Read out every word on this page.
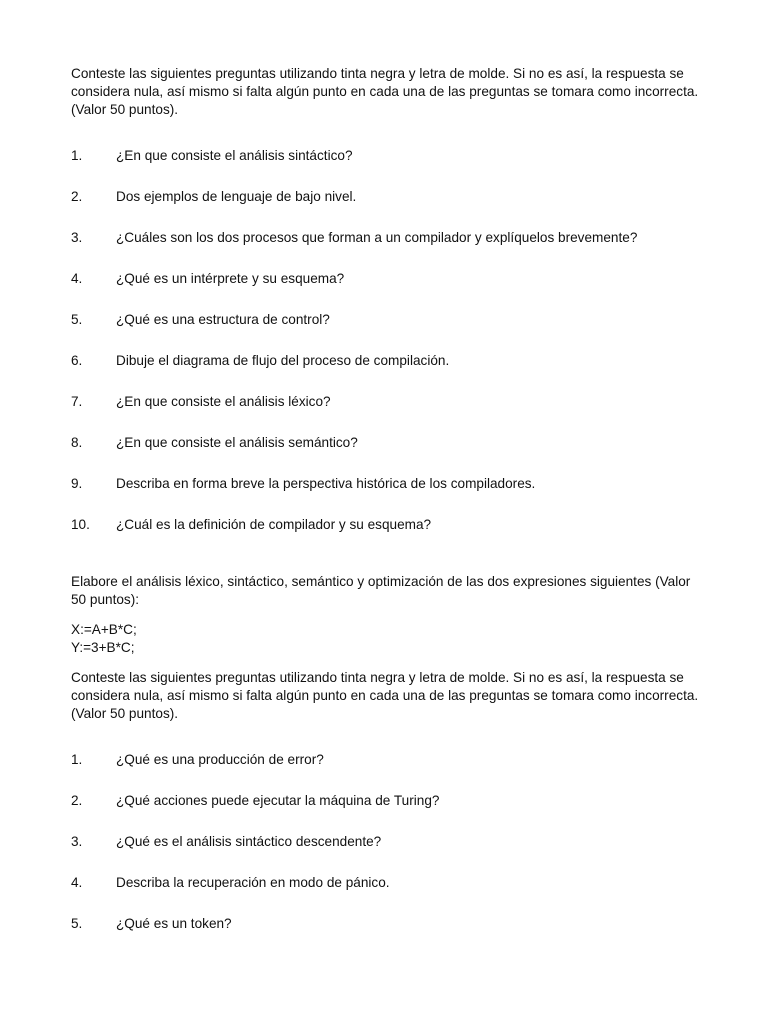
Conteste las siguientes preguntas utilizando tinta negra y letra de molde. Si no es así, la respuesta se
considera nula, así mismo si falta algún punto en cada una de las preguntas se tomara como incorrecta.
(Valor 50 puntos).

1. ¿En que consiste el análisis sintáctico?
2. Dos ejemplos de lenguaje de bajo nivel.
3. ¿Cuáles son los dos procesos que forman a un compilador y explíquelos brevemente?
4. ¿Qué es un intérprete y su esquema?
5. ¿Qué es una estructura de control?
6. Dibuje el diagrama de flujo del proceso de compilación.
7. ¿En que consiste el análisis léxico?
8. ¿En que consiste el análisis semántico?
9. Describa en forma breve la perspectiva histórica de los compiladores.
10. ¿Cuál es la definición de compilador y su esquema?

Elabore el análisis léxico, sintáctico, semántico y optimización de las dos expresiones siguientes (Valor
50 puntos):

X:=A+B*C;
Y:=3+B*C;

Conteste las siguientes preguntas utilizando tinta negra y letra de molde. Si no es así, la respuesta se
considera nula, así mismo si falta algún punto en cada una de las preguntas se tomara como incorrecta.
(Valor 50 puntos).

1. ¿Qué es una producción de error?
2. ¿Qué acciones puede ejecutar la máquina de Turing?
3. ¿Qué es el análisis sintáctico descendente?
4. Describa la recuperación en modo de pánico.
5. ¿Qué es un token?
